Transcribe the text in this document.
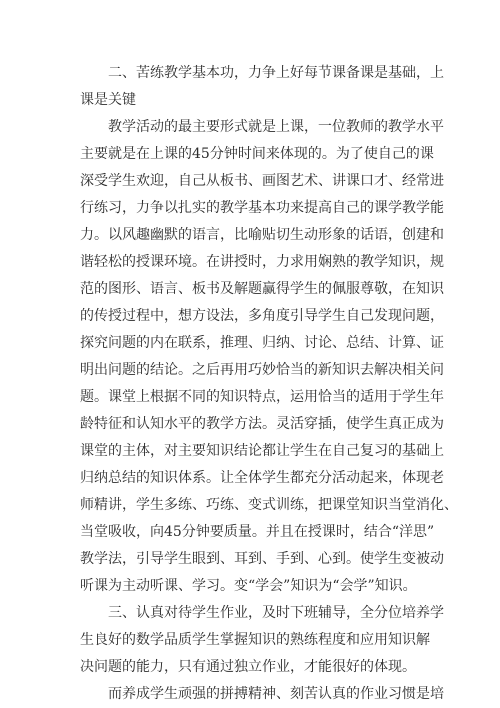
二、苦练教学基本功，力争上好每节课备课是基础，上
课是关键
教学活动的最主要形式就是上课，一位教师的教学水平
主要就是在上课的45分钟时间来体现的。为了使自己的课
深受学生欢迎，自己从板书、画图艺术、讲课口才、经常进
行练习，力争以扎实的教学基本功来提高自己的课学教学能
力。以风趣幽默的语言，比喻贴切生动形象的话语，创建和
谐轻松的授课环境。在讲授时，力求用娴熟的教学知识，规
范的图形、语言、板书及解题赢得学生的佩服尊敬，在知识
的传授过程中，想方设法，多角度引导学生自己发现问题，
探究问题的内在联系，推理、归纳、讨论、总结、计算、证
明出问题的结论。之后再用巧妙恰当的新知识去解决相关问
题。课堂上根据不同的知识特点，运用恰当的适用于学生年
龄特征和认知水平的教学方法。灵活穿插，使学生真正成为
课堂的主体，对主要知识结论都让学生在自己复习的基础上
归纳总结的知识体系。让全体学生都充分活动起来，体现老
师精讲，学生多练、巧练、变式训练，把课堂知识当堂消化、
当堂吸收，向45分钟要质量。并且在授课时，结合“洋思”
教学法，引导学生眼到、耳到、手到、心到。使学生变被动
听课为主动听课、学习。变“学会”知识为“会学”知识。
三、认真对待学生作业，及时下班辅导，全分位培养学
生良好的数学品质学生掌握知识的熟练程度和应用知识解
决问题的能力，只有通过独立作业，才能很好的体现。
而养成学生顽强的拼搏精神、刻苦认真的作业习惯是培
